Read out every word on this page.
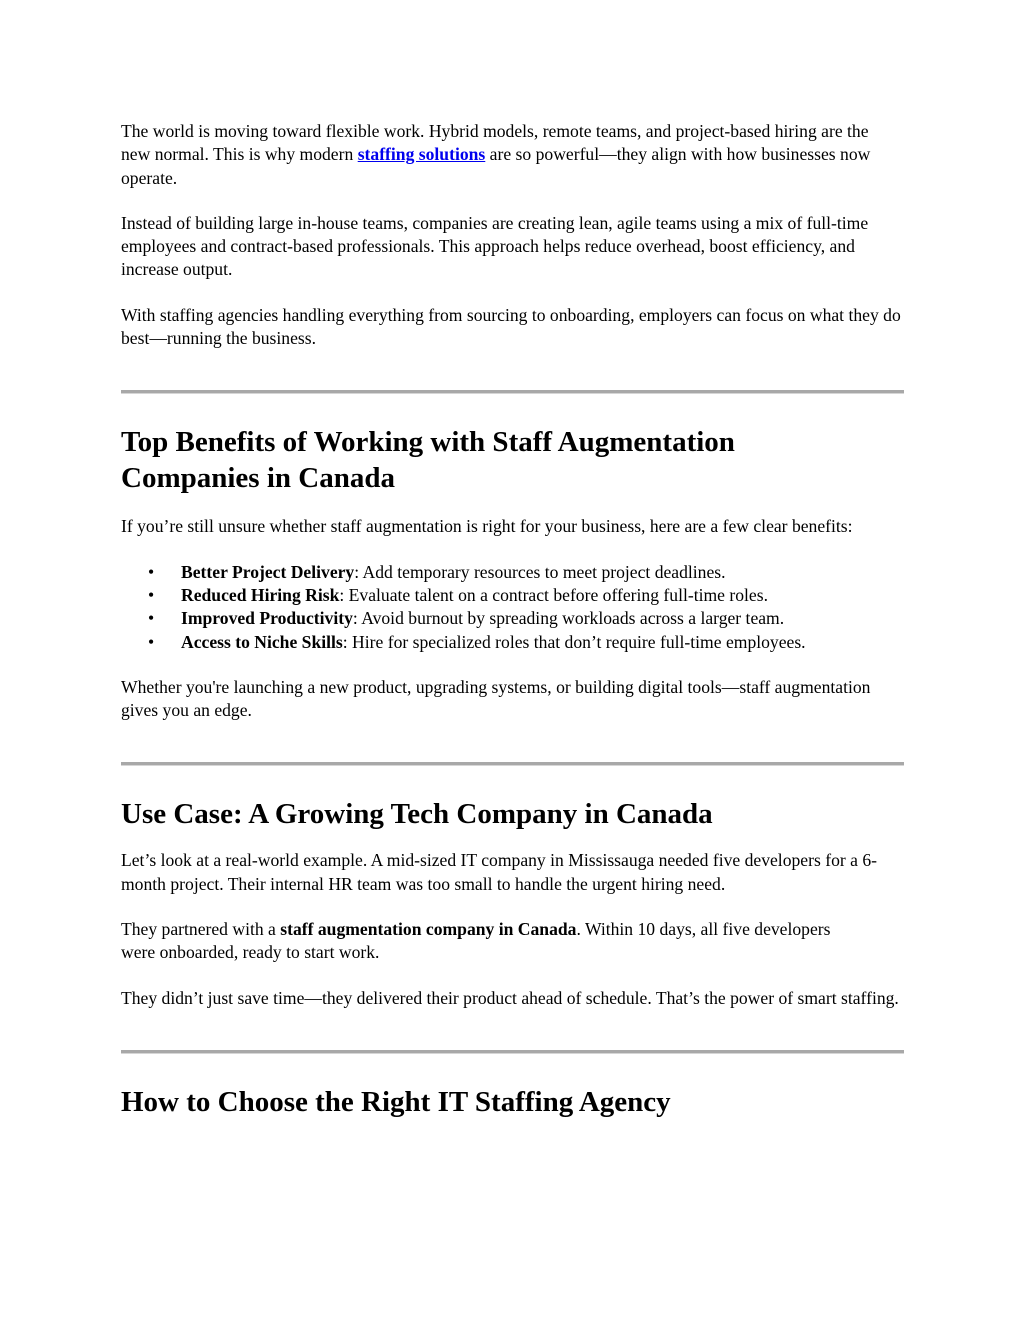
The world is moving toward flexible work. Hybrid models, remote teams, and project-based hiring are the new normal. This is why modern staffing solutions are so powerful—they align with how businesses now operate.

Instead of building large in-house teams, companies are creating lean, agile teams using a mix of full-time employees and contract-based professionals. This approach helps reduce overhead, boost efficiency, and increase output.

With staffing agencies handling everything from sourcing to onboarding, employers can focus on what they do best—running the business.

Top Benefits of Working with Staff Augmentation Companies in Canada

If you’re still unsure whether staff augmentation is right for your business, here are a few clear benefits:

• Better Project Delivery: Add temporary resources to meet project deadlines.
• Reduced Hiring Risk: Evaluate talent on a contract before offering full-time roles.
• Improved Productivity: Avoid burnout by spreading workloads across a larger team.
• Access to Niche Skills: Hire for specialized roles that don’t require full-time employees.

Whether you're launching a new product, upgrading systems, or building digital tools—staff augmentation gives you an edge.

Use Case: A Growing Tech Company in Canada

Let’s look at a real-world example. A mid-sized IT company in Mississauga needed five developers for a 6-month project. Their internal HR team was too small to handle the urgent hiring need.

They partnered with a staff augmentation company in Canada. Within 10 days, all five developers were onboarded, ready to start work.

They didn’t just save time—they delivered their product ahead of schedule. That’s the power of smart staffing.

How to Choose the Right IT Staffing Agency
